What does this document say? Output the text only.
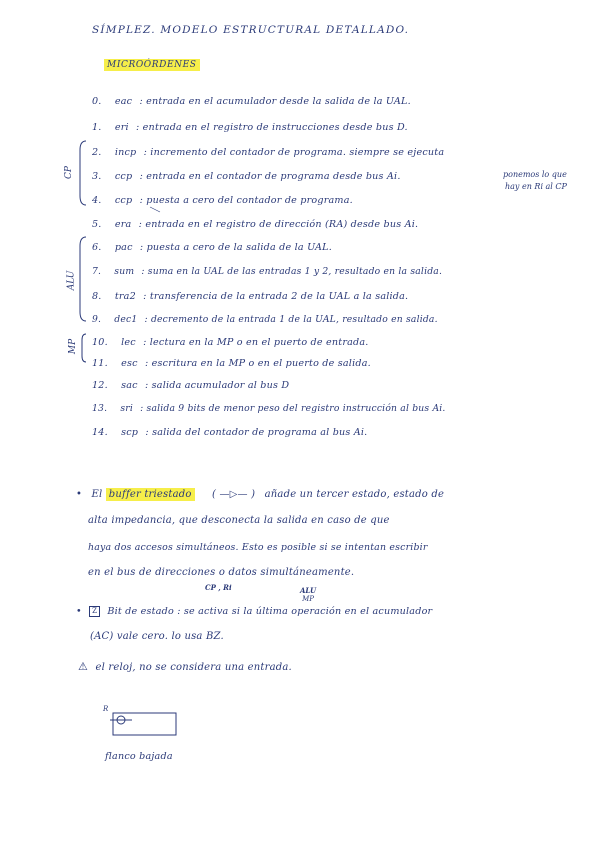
SÍMPLEZ. MODELO ESTRUCTURAL DETALLADO.
MICROÓRDENES
0. eac : entrada en el acumulador desde la salida de la UAL.
1. eri : entrada en el registro de instrucciones desde bus D.
2. incp : incremento del contador de programa. siempre se ejecuta
3. ccp : entrada en el contador de programa desde bus Ai.
4. ccp : puesta a cero del contador de programa.
5. era : entrada en el registro de dirección (RA) desde bus Ai.
6. pac : puesta a cero de la salida de la UAL.
7. sum : suma en la UAL de las entradas 1 y 2, resultado en la salida.
8. tra2 : transferencia de la entrada 2 de la UAL a la salida.
9. dec1 : decremento de la entrada 1 de la UAL, resultado en salida.
10. lec : lectura en la MP o en el puerto de entrada.
11. esc : escritura en la MP o en el puerto de salida.
12. sac : salida acumulador al bus D
13. sri : salida 9 bits de menor peso del registro instrucción al bus Ai.
14. scp : salida del contador de programa al bus Ai.
ponemos lo que
hay en Ri al CP
CP
ALU
MP
• El buffer triestado ( —▷— ) añade un tercer estado, estado de
alta impedancia, que desconecta la salida en caso de que
haya dos accesos simultáneos. Esto es posible si se intentan escribir
en el bus de direcciones o datos simultáneamente.
CP , Ri	ALU
MP
• Z Bit de estado : se activa si la última operación en el acumulador
(AC) vale cero. lo usa BZ.
⚠ el reloj, no se considera una entrada.
R
flanco bajada
